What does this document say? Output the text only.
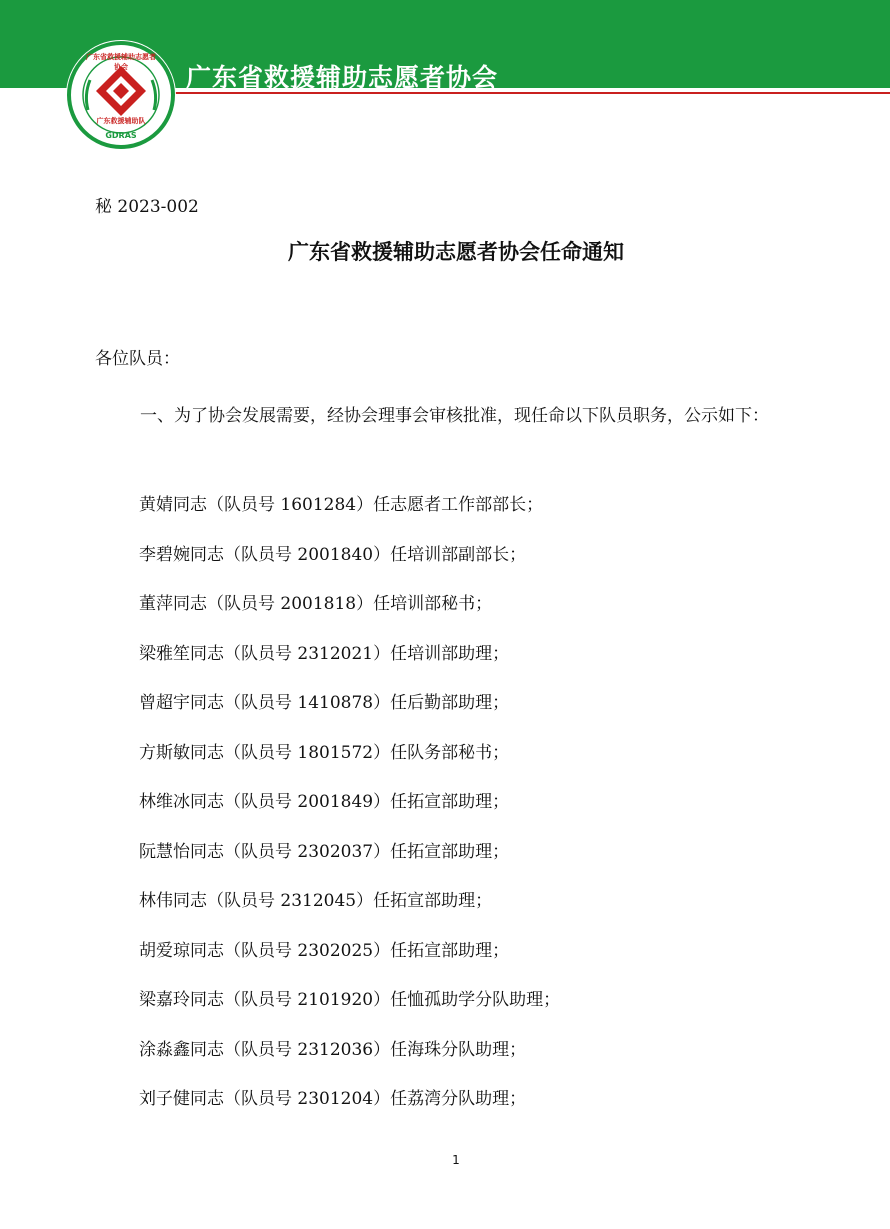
广东省救援辅助志愿者协会
广东省救援辅助志愿者协会
广东救援辅助队
GDRAS
秘 2023-002
广东省救援辅助志愿者协会任命通知
各位队员：
一、为了协会发展需要，经协会理事会审核批准，现任命以下队员职务，公示如下：
黄婧同志（队员号 1601284）任志愿者工作部部长；
李碧婉同志（队员号 2001840）任培训部副部长；
董萍同志（队员号 2001818）任培训部秘书；
梁雅笙同志（队员号 2312021）任培训部助理；
曾超宇同志（队员号 1410878）任后勤部助理；
方斯敏同志（队员号 1801572）任队务部秘书；
林维冰同志（队员号 2001849）任拓宣部助理；
阮慧怡同志（队员号 2302037）任拓宣部助理；
林伟同志（队员号 2312045）任拓宣部助理；
胡爱琼同志（队员号 2302025）任拓宣部助理；
梁嘉玲同志（队员号 2101920）任恤孤助学分队助理；
涂淼鑫同志（队员号 2312036）任海珠分队助理；
刘子健同志（队员号 2301204）任荔湾分队助理；
1
